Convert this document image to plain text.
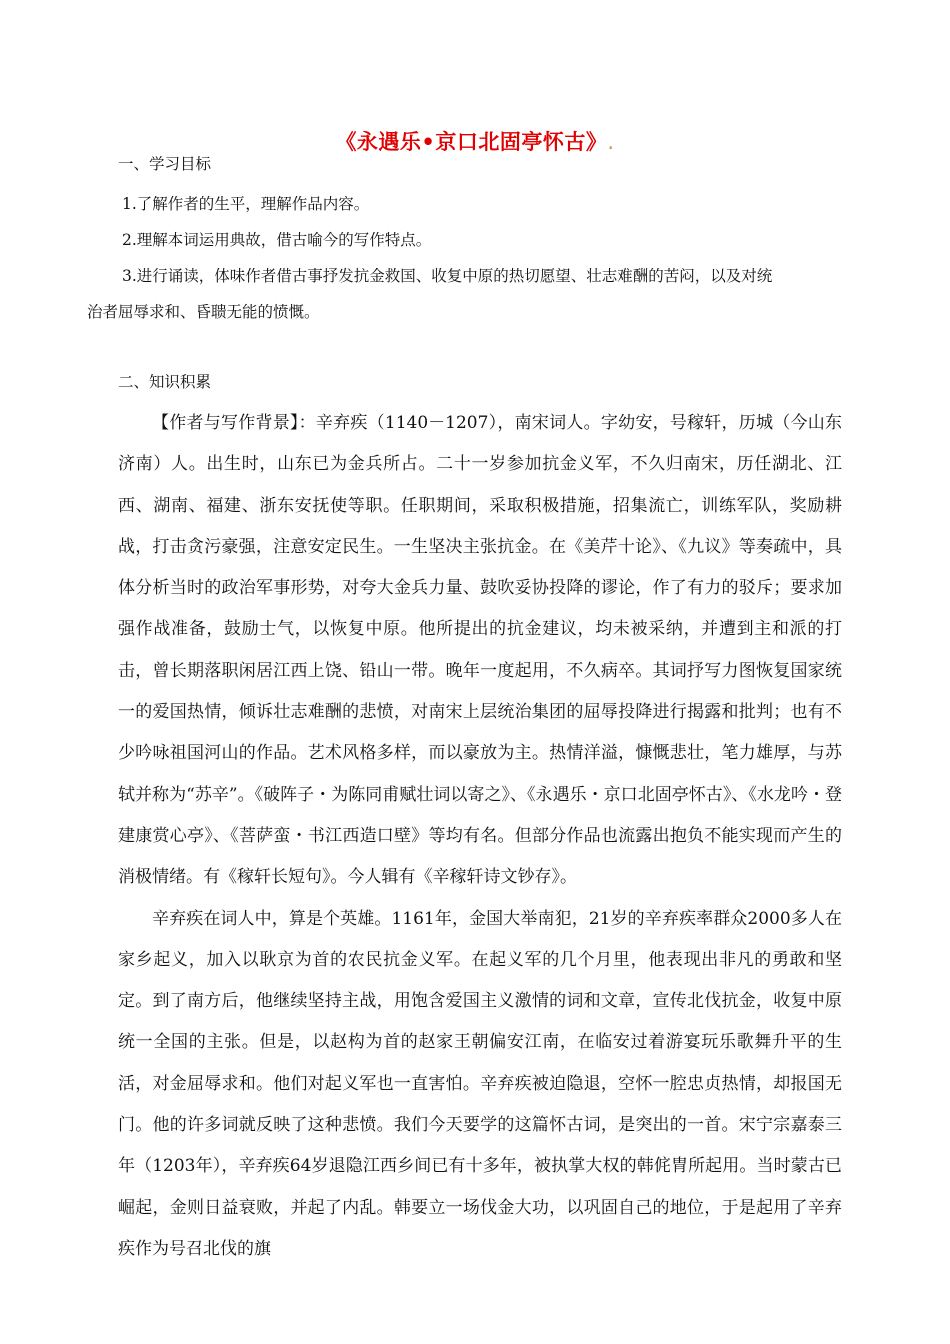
《永遇乐•京口北固亭怀古》.
一、学习目标

1.了解作者的生平，理解作品内容。

2.理解本词运用典故，借古喻今的写作特点。

3.进行诵读，体味作者借古事抒发抗金救国、收复中原的热切愿望、壮志难酬的苦闷，以及对统

治者屈辱求和、昏聩无能的愤慨。

二、知识积累

【作者与写作背景】：辛弃疾（1140－1207），南宋词人。字幼安，号稼轩，历城（今山东济南）人。出生时，山东已为金兵所占。二十一岁参加抗金义军，不久归南宋，历任湖北、江西、湖南、福建、浙东安抚使等职。任职期间，采取积极措施，招集流亡，训练军队，奖励耕战，打击贪污豪强，注意安定民生。一生坚决主张抗金。在《美芹十论》、《九议》等奏疏中，具体分析当时的政治军事形势，对夸大金兵力量、鼓吹妥协投降的谬论，作了有力的驳斥；要求加强作战准备，鼓励士气，以恢复中原。他所提出的抗金建议，均未被采纳，并遭到主和派的打击，曾长期落职闲居江西上饶、铅山一带。晚年一度起用，不久病卒。其词抒写力图恢复国家统一的爱国热情，倾诉壮志难酬的悲愤，对南宋上层统治集团的屈辱投降进行揭露和批判；也有不少吟咏祖国河山的作品。艺术风格多样，而以豪放为主。热情洋溢，慷慨悲壮，笔力雄厚，与苏轼并称为“苏辛”。《破阵子・为陈同甫赋壮词以寄之》、《永遇乐・京口北固亭怀古》、《水龙吟・登建康赏心亭》、《菩萨蛮・书江西造口壁》等均有名。但部分作品也流露出抱负不能实现而产生的消极情绪。有《稼轩长短句》。今人辑有《辛稼轩诗文钞存》。

辛弃疾在词人中，算是个英雄。1161年，金国大举南犯，21岁的辛弃疾率群众2000多人在家乡起义，加入以耿京为首的农民抗金义军。在起义军的几个月里，他表现出非凡的勇敢和坚定。到了南方后，他继续坚持主战，用饱含爱国主义激情的词和文章，宣传北伐抗金，收复中原统一全国的主张。但是，以赵构为首的赵家王朝偏安江南，在临安过着游宴玩乐歌舞升平的生活，对金屈辱求和。他们对起义军也一直害怕。辛弃疾被迫隐退，空怀一腔忠贞热情，却报国无门。他的许多词就反映了这种悲愤。我们今天要学的这篇怀古词，是突出的一首。宋宁宗嘉泰三年（1203年），辛弃疾64岁退隐江西乡间已有十多年，被执掌大权的韩侂胄所起用。当时蒙古已崛起，金则日益衰败，并起了内乱。韩要立一场伐金大功，以巩固自己的地位，于是起用了辛弃疾作为号召北伐的旗
